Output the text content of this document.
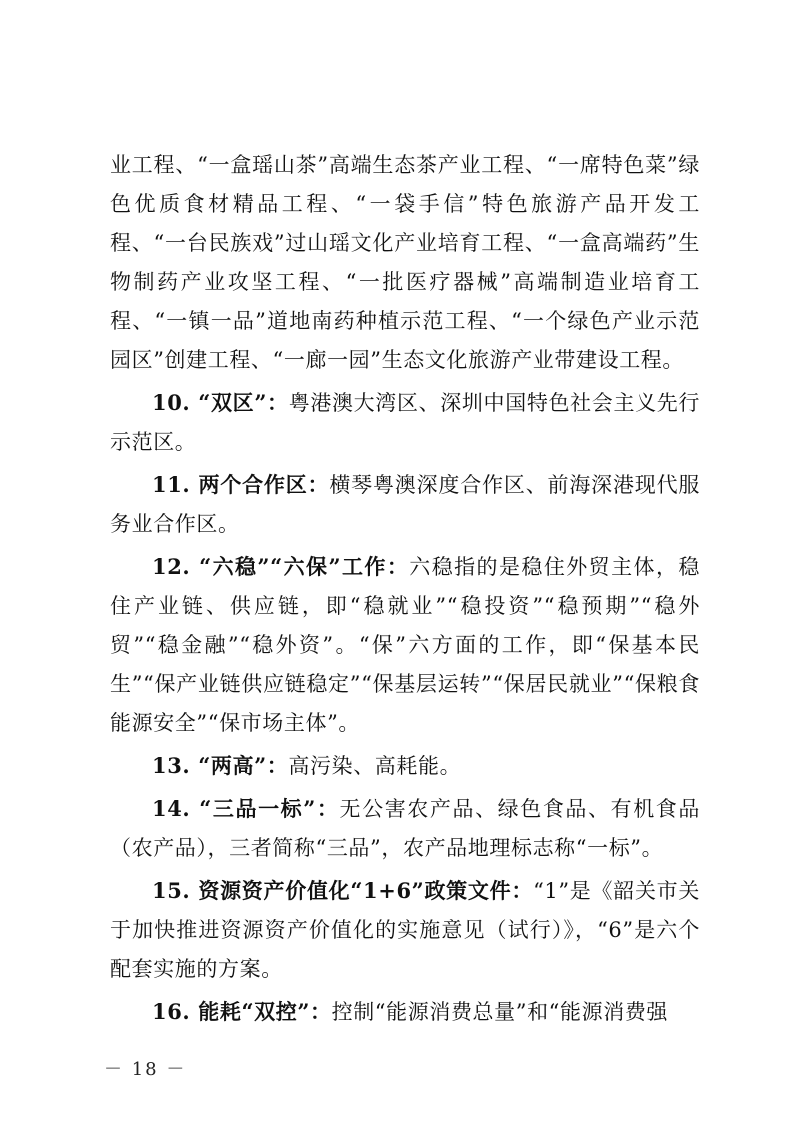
业工程、“一盒瑶山茶”高端生态茶产业工程、“一席特色菜”绿色优质食材精品工程、“一袋手信”特色旅游产品开发工程、“一台民族戏”过山瑶文化产业培育工程、“一盒高端药”生物制药产业攻坚工程、“一批医疗器械”高端制造业培育工程、“一镇一品”道地南药种植示范工程、“一个绿色产业示范园区”创建工程、“一廊一园”生态文化旅游产业带建设工程。

10. “双区”：粤港澳大湾区、深圳中国特色社会主义先行示范区。

11. 两个合作区：横琴粤澳深度合作区、前海深港现代服务业合作区。

12. “六稳”“六保”工作：六稳指的是稳住外贸主体，稳住产业链、供应链，即“稳就业”“稳投资”“稳预期”“稳外贸”“稳金融”“稳外资”。“保”六方面的工作，即“保基本民生”“保产业链供应链稳定”“保基层运转”“保居民就业”“保粮食能源安全”“保市场主体”。

13. “两高”：高污染、高耗能。

14. “三品一标”：无公害农产品、绿色食品、有机食品（农产品），三者简称“三品”，农产品地理标志称“一标”。

15. 资源资产价值化“1+6”政策文件：“1”是《韶关市关于加快推进资源资产价值化的实施意见（试行）》，“6”是六个配套实施的方案。

16. 能耗“双控”：控制“能源消费总量”和“能源消费强

－ 18 －
